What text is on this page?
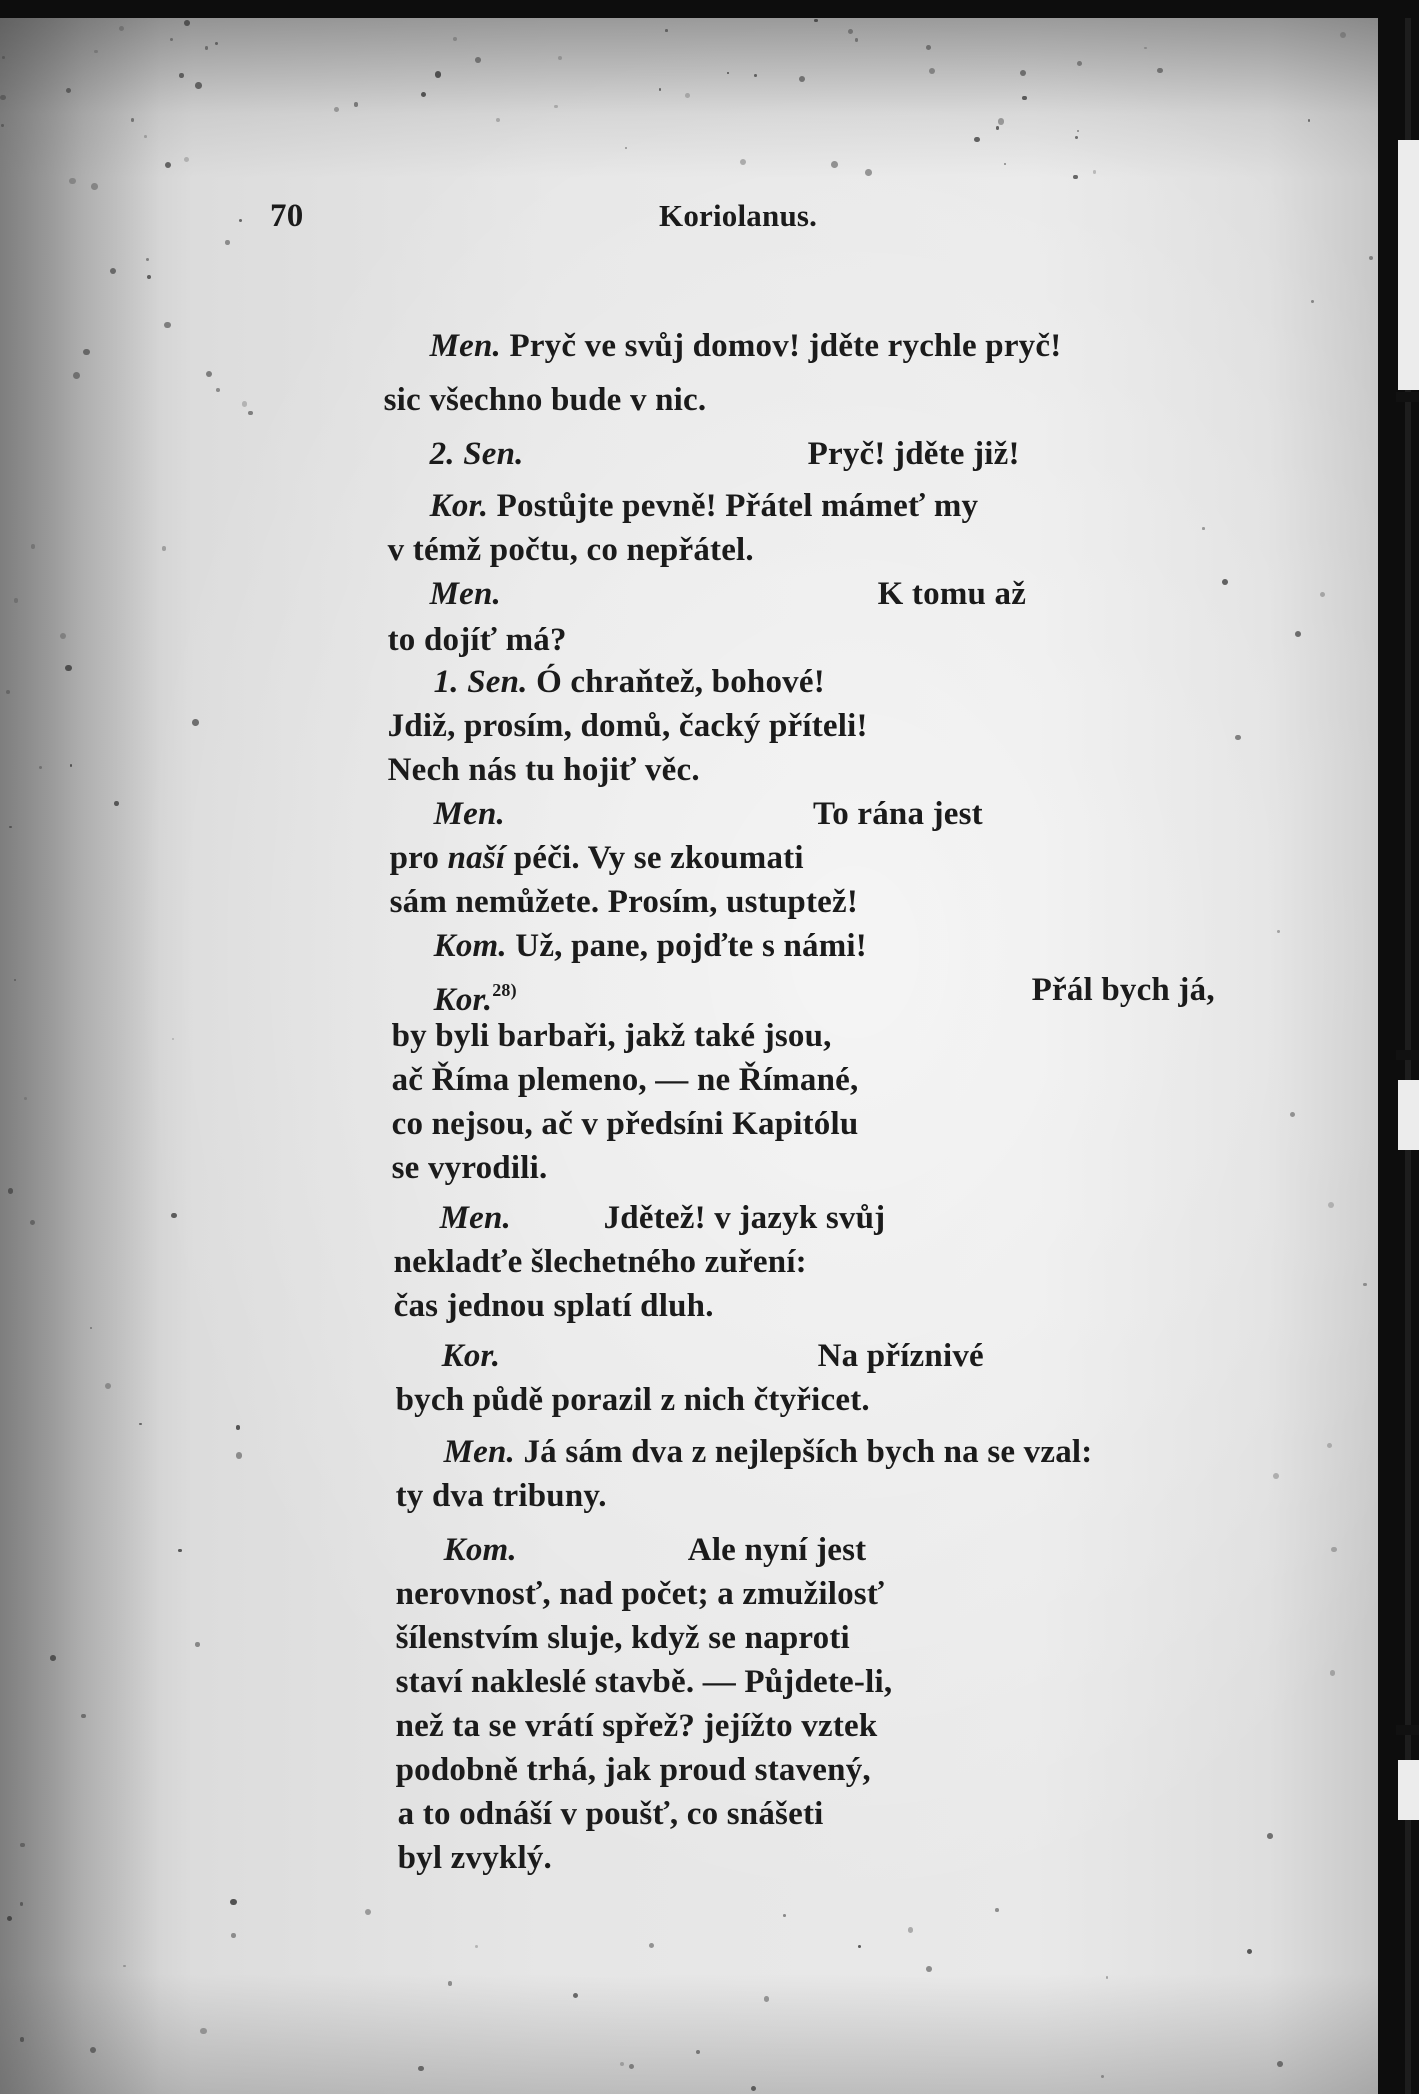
70	Koriolanus.

Men. Pryč ve svůj domov! jděte rychle pryč!

sic všechno bude v nic.

2. Sen.
	Pryč! jděte již!

Kor. Postůjte pevně! Přátel mámeť my

v témž počtu, co nepřátel.

Men.
	K tomu až

to dojíť má?

1. Sen. Ó chraňtež, bohové!

Jdiž, prosím, domů, čacký příteli!

Nech nás tu hojiť věc.

Men.
	To rána jest

pro naší péči. Vy se zkoumati

sám nemůžete. Prosím, ustuptež!

Kom. Už, pane, pojďte s námi!

Kor.$^{28)}$
	Přál bych já,

by byli barbaři, jakž také jsou,

ač Říma plemeno, — ne Římané,

co nejsou, ač v předsíni Kapitólu

se vyrodili.

Men.
	Jdětež! v jazyk svůj

nekladťe šlechetného zuření:

čas jednou splatí dluh.

Kor.
	Na příznivé

bych půdě porazil z nich čtyřicet.

Men. Já sám dva z nejlepších bych na se vzal:

ty dva tribuny.

Kom.
	Ale nyní jest

nerovnosť, nad počet; a zmužilosť

šílenstvím sluje, když se naproti

staví nakleslé stavbě. — Půjdete-li,

než ta se vrátí spřež? jejížto vztek

podobně trhá, jak proud stavený,

a to odnáší v poušť, co snášeti

byl zvyklý.
